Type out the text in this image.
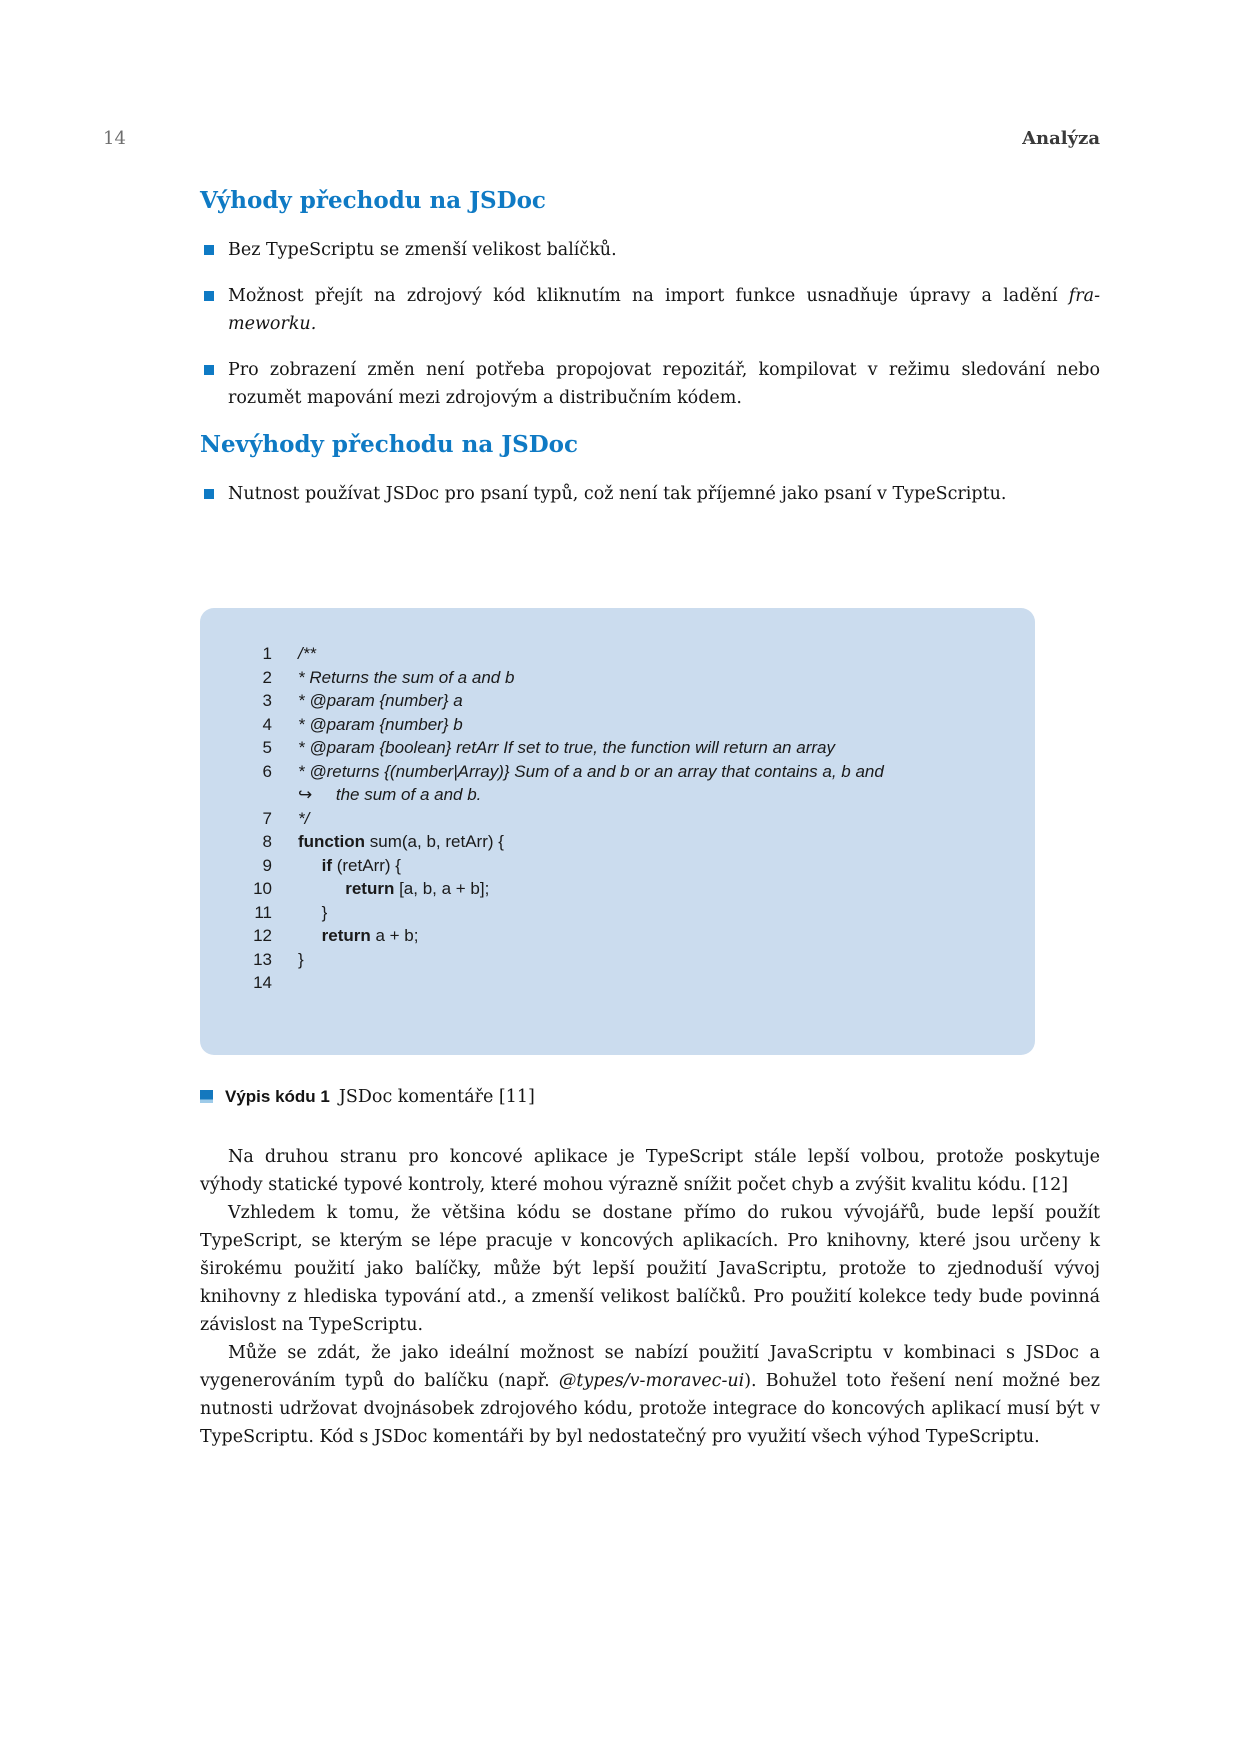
14	Analýza
Výhody přechodu na JSDoc
Bez TypeScriptu se zmenší velikost balíčků.
Možnost přejít na zdrojový kód kliknutím na import funkce usnadňuje úpravy a ladění fra-
meworku.
Pro zobrazení změn není potřeba propojovat repozitář, kompilovat v režimu sledování nebo rozumět mapování mezi zdrojovým a distribučním kódem.
Nevýhody přechodu na JSDoc
Nutnost používat JSDoc pro psaní typů, což není tak příjemné jako psaní v TypeScriptu.
1	/**
2	* Returns the sum of a and b
3	* @param {number} a
4	* @param {number} b
5	* @param {boolean} retArr If set to true, the function will return an array
6	* @returns {(number|Array)} Sum of a and b or an array that contains a, b and
↪     the sum of a and b.
7	*/
8	function sum(a, b, retArr) {
9	if (retArr) {
10	return [a, b, a + b];
11	}
12	return a + b;
13	}
14

Výpis kódu 1 JSDoc komentáře [11]

Na druhou stranu pro koncové aplikace je TypeScript stále lepší volbou, protože poskytuje výhody statické typové kontroly, které mohou výrazně snížit počet chyb a zvýšit kvalitu kódu. [12]

Vzhledem k tomu, že většina kódu se dostane přímo do rukou vývojářů, bude lepší použít TypeScript, se kterým se lépe pracuje v koncových aplikacích. Pro knihovny, které jsou určeny k širokému použití jako balíčky, může být lepší použití JavaScriptu, protože to zjednoduší vývoj knihovny z hlediska typování atd., a zmenší velikost balíčků. Pro použití kolekce tedy bude povinná závislost na TypeScriptu.

Může se zdát, že jako ideální možnost se nabízí použití JavaScriptu v kombinaci s JSDoc a vygenerováním typů do balíčku (např. @types/v-moravec-ui). Bohužel toto řešení není možné bez nutnosti udržovat dvojnásobek zdrojového kódu, protože integrace do koncových aplikací musí být v TypeScriptu. Kód s JSDoc komentáři by byl nedostatečný pro využití všech výhod TypeScriptu.
